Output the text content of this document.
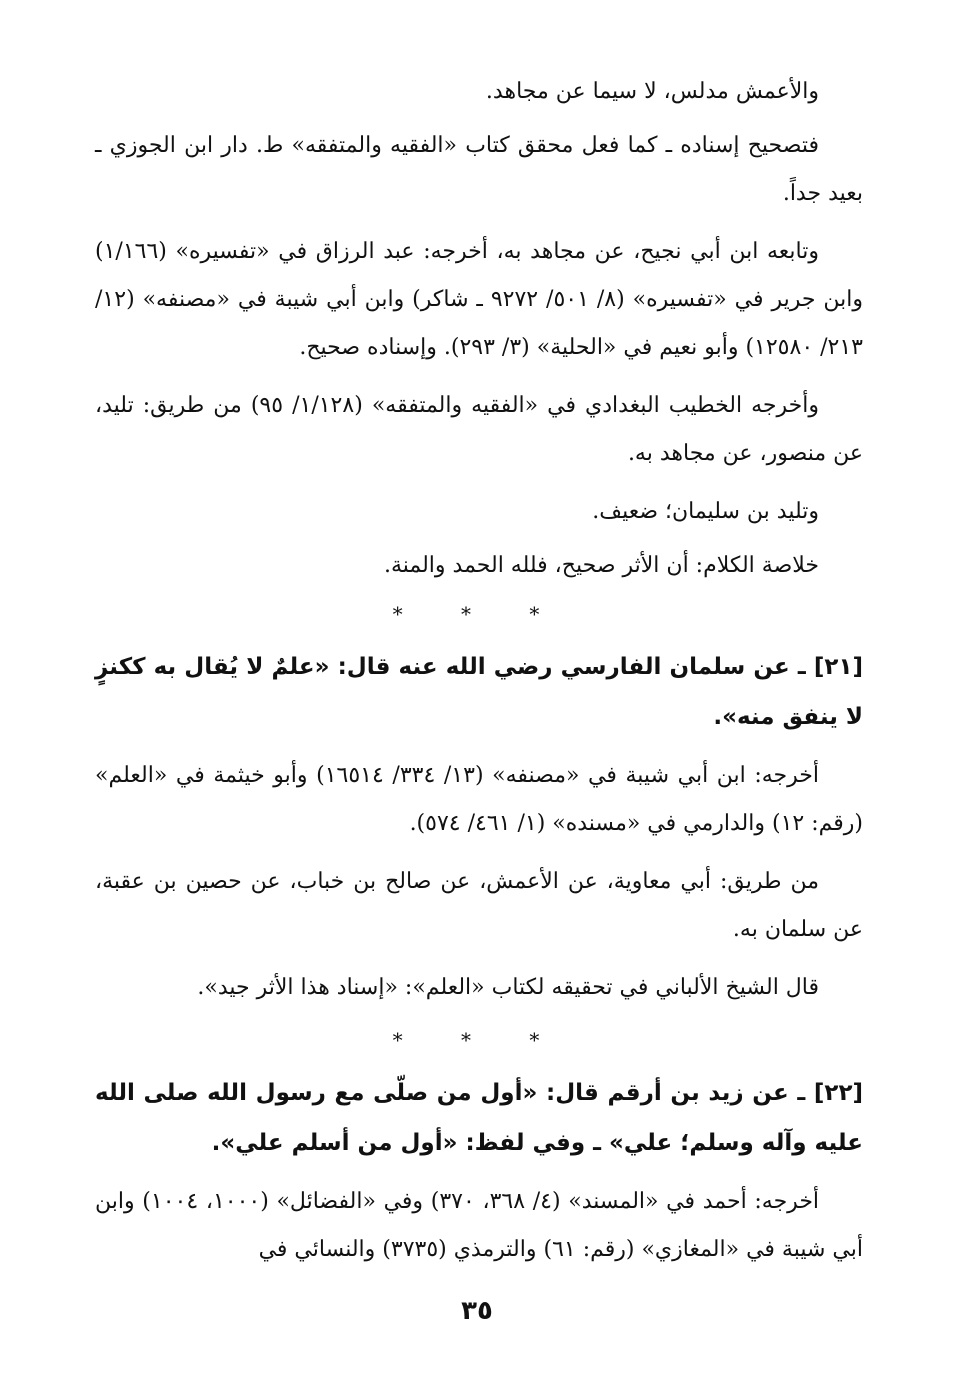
والأعمش مدلس، لا سيما عن مجاهد.

فتصحيح إسناده ـ كما فعل محقق كتاب «الفقيه والمتفقه» ط. دار ابن الجوزي ـ بعيد جداً.

وتابعه ابن أبي نجيح، عن مجاهد به، أخرجه: عبد الرزاق في «تفسيره» (١/١٦٦) وابن جرير في «تفسيره» (٨/ ٥٠١/ ٩٢٧٢ ـ شاكر) وابن أبي شيبة في «مصنفه» (١٢/ ٢١٣/ ١٢٥٨٠) وأبو نعيم في «الحلية» (٣/ ٢٩٣). وإسناده صحيح.

وأخرجه الخطيب البغدادي في «الفقيه والمتفقه» (١/١٢٨/ ٩٥) من طريق: تليد، عن منصور، عن مجاهد به.

وتليد بن سليمان؛ ضعيف.

خلاصة الكلام: أن الأثر صحيح، فلله الحمد والمنة.

* * *
[٢١] ـ عن سلمان الفارسي رضي الله عنه قال: «علمٌ لا يُقال به ككنزٍ لا ينفق منه».

أخرجه: ابن أبي شيبة في «مصنفه» (١٣/ ٣٣٤/ ١٦٥١٤) وأبو خيثمة في «العلم» (رقم: ١٢) والدارمي في «مسنده» (١/ ٤٦١/ ٥٧٤).

من طريق: أبي معاوية، عن الأعمش، عن صالح بن خباب، عن حصين بن عقبة، عن سلمان به.

قال الشيخ الألباني في تحقيقه لكتاب «العلم»: «إسناد هذا الأثر جيد».

* * *
[٢٢] ـ عن زيد بن أرقم قال: «أول من صلّى مع رسول الله صلى الله عليه وآله وسلم؛ علي» ـ وفي لفظ: «أول من أسلم علي».

أخرجه: أحمد في «المسند» (٤/ ٣٦٨، ٣٧٠) وفي «الفضائل» (١٠٠٠، ١٠٠٤) وابن أبي شيبة في «المغازي» (رقم: ٦١) والترمذي (٣٧٣٥) والنسائي في

٣٥
